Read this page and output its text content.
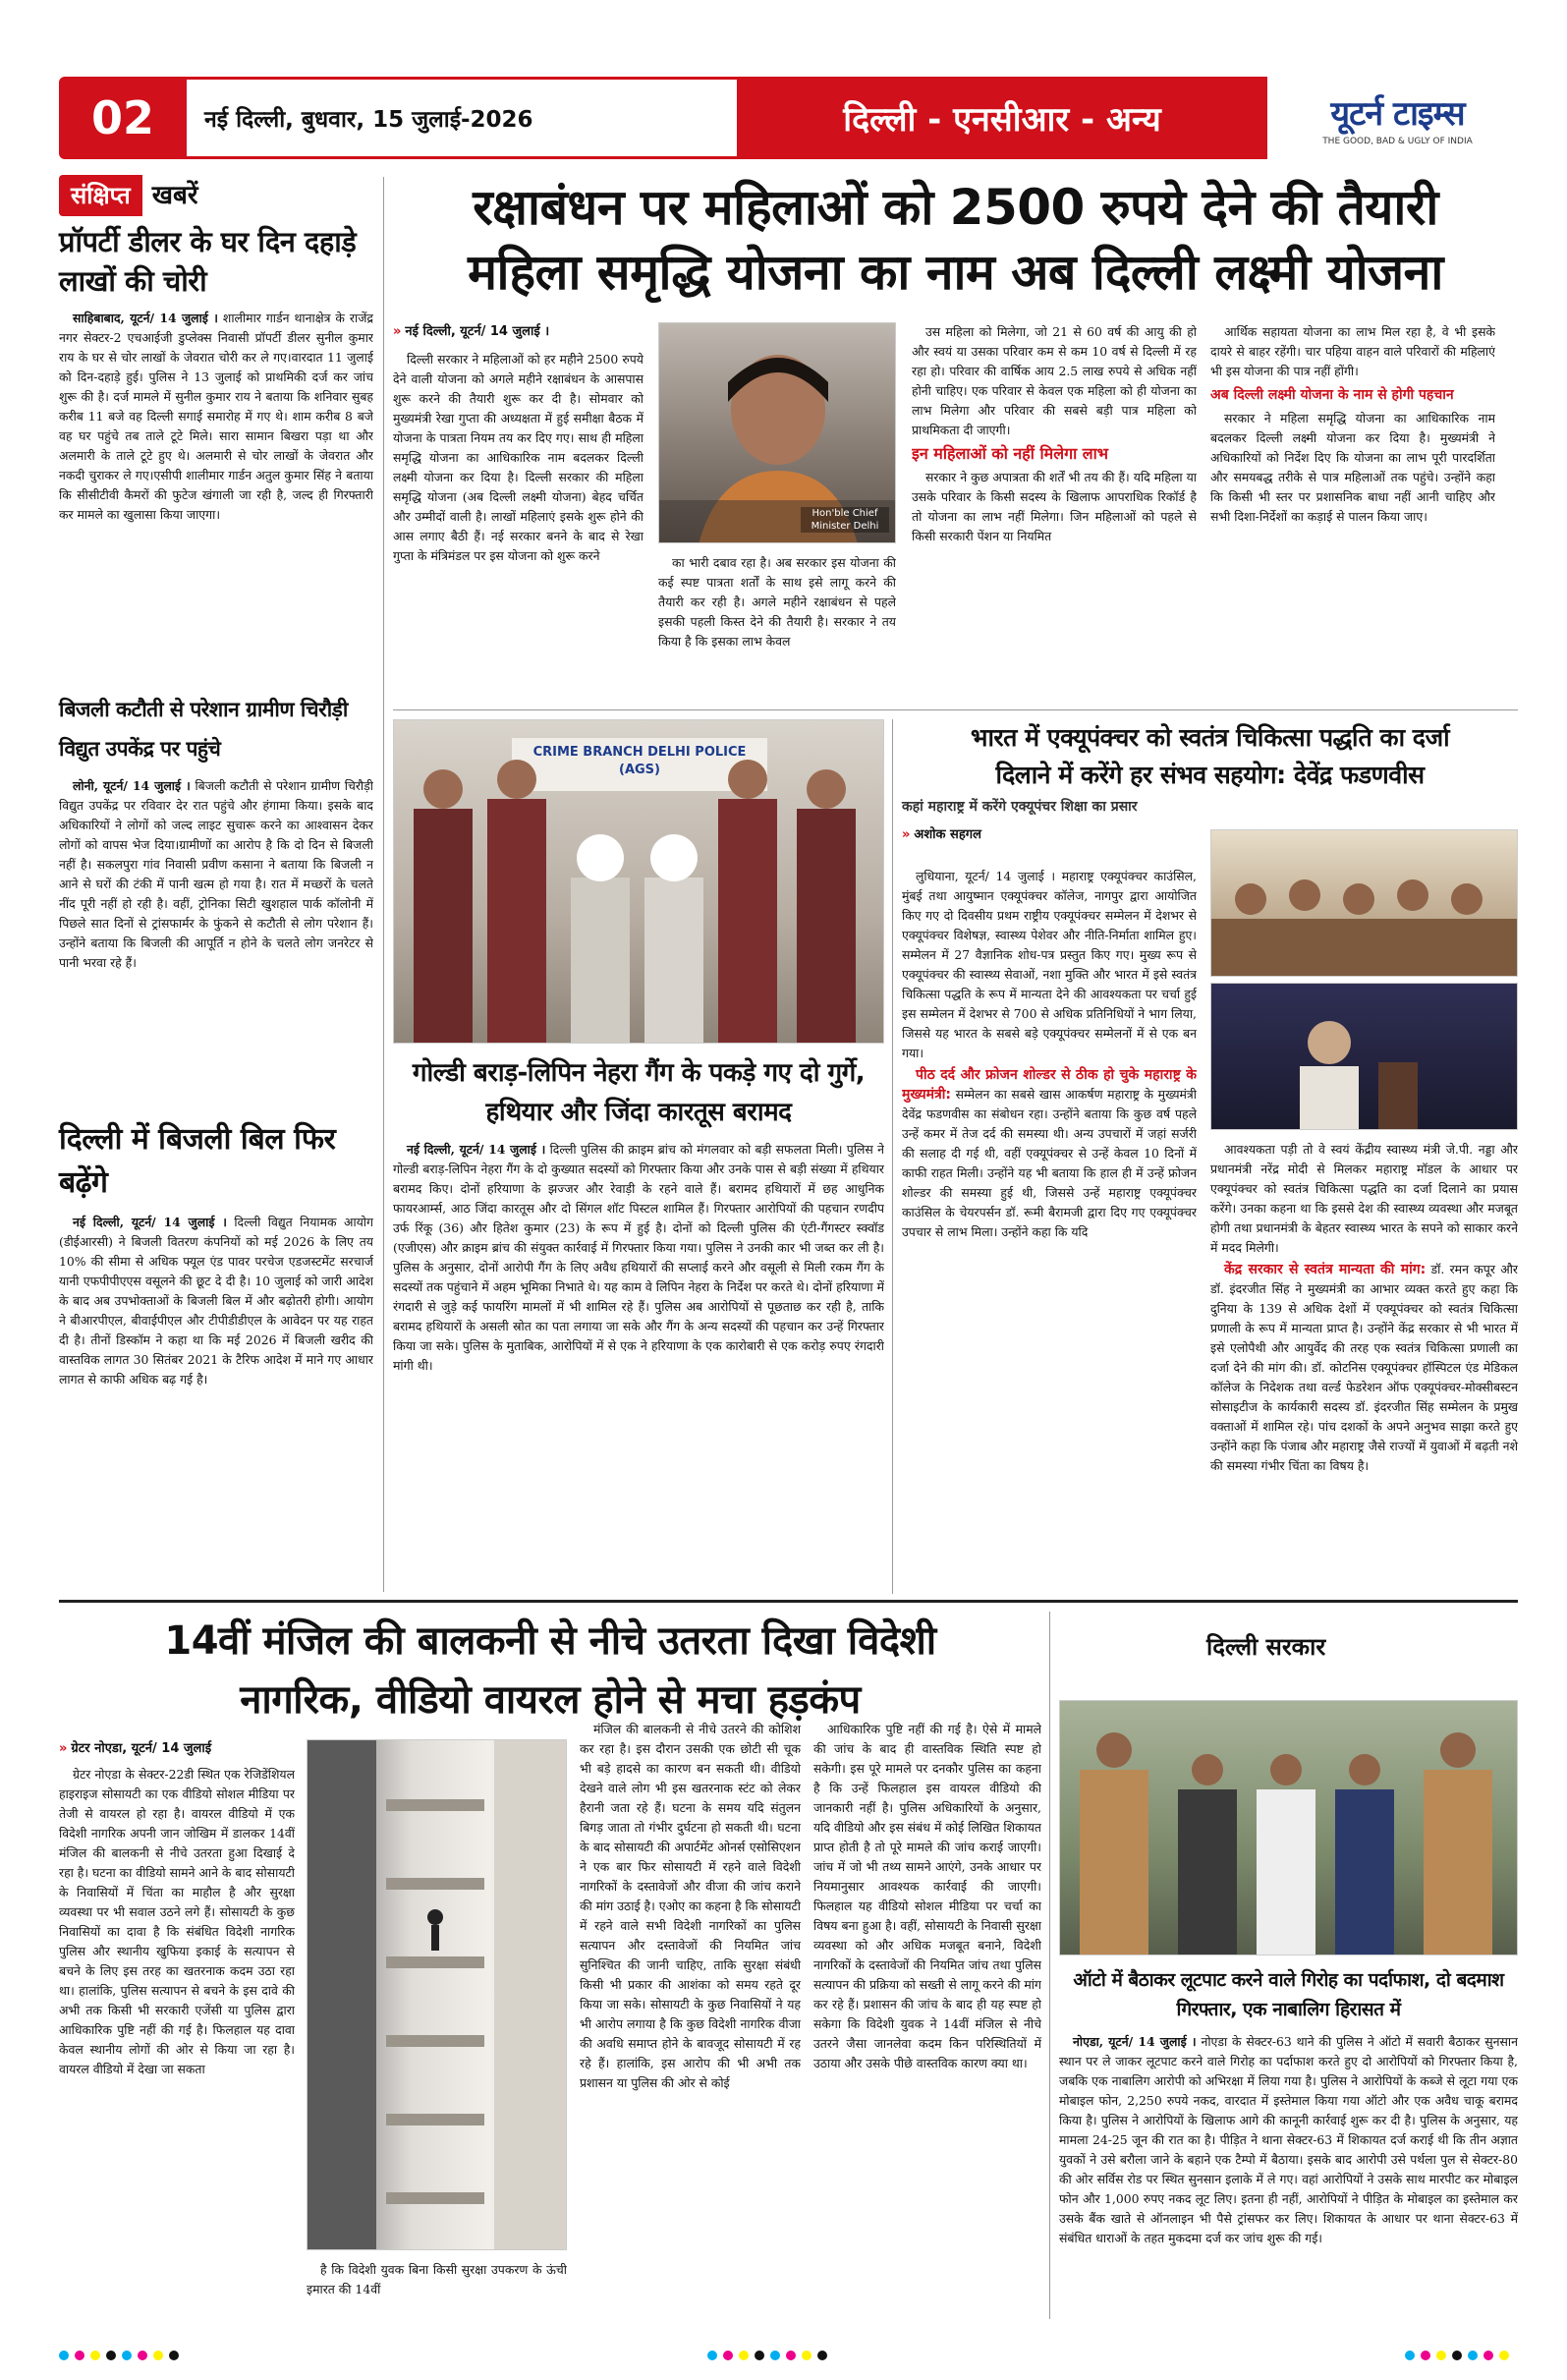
02 नई दिल्ली, बुधवार, 15 जुलाई-2026	दिल्ली - एनसीआर - अन्य	यूटर्न टाइम्स
THE GOOD, BAD & UGLY OF INDIA
संक्षिप्त खबरें
प्रॉपर्टी डीलर के घर दिन दहाड़े लाखों की चोरी

साहिबाबाद, यूटर्न/ 14 जुलाई । शालीमार गार्डन थानाक्षेत्र के राजेंद्र नगर सेक्टर-2 एचआईजी डुप्लेक्स निवासी प्रॉपर्टी डीलर सुनील कुमार राय के घर से चोर लाखों के जेवरात चोरी कर ले गए।वारदात 11 जुलाई को दिन-दहाड़े हुई। पुलिस ने 13 जुलाई को प्राथमिकी दर्ज कर जांच शुरू की है। दर्ज मामले में सुनील कुमार राय ने बताया कि शनिवार सुबह करीब 11 बजे वह दिल्ली सगाई समारोह में गए थे। शाम करीब 8 बजे वह घर पहुंचे तब ताले टूटे मिले। सारा सामान बिखरा पड़ा था और अलमारी के ताले टूटे हुए थे। अलमारी से चोर लाखों के जेवरात और नकदी चुराकर ले गए।एसीपी शालीमार गार्डन अतुल कुमार सिंह ने बताया कि सीसीटीवी कैमरों की फुटेज खंगाली जा रही है, जल्द ही गिरफ्तारी कर मामले का खुलासा किया जाएगा।

बिजली कटौती से परेशान ग्रामीण चिरौड़ी विद्युत उपकेंद्र पर पहुंचे

लोनी, यूटर्न/ 14 जुलाई । बिजली कटौती से परेशान ग्रामीण चिरौड़ी विद्युत उपकेंद्र पर रविवार देर रात पहुंचे और हंगामा किया। इसके बाद अधिकारियों ने लोगों को जल्द लाइट सुचारू करने का आश्वासन देकर लोगों को वापस भेज दिया।ग्रामीणों का आरोप है कि दो दिन से बिजली नहीं है। सकलपुरा गांव निवासी प्रवीण कसाना ने बताया कि बिजली न आने से घरों की टंकी में पानी खत्म हो गया है। रात में मच्छरों के चलते नींद पूरी नहीं हो रही है। वहीं, ट्रोनिका सिटी खुशहाल पार्क कॉलोनी में पिछले सात दिनों से ट्रांसफार्मर के फुंकने से कटौती से लोग परेशान हैं। उन्होंने बताया कि बिजली की आपूर्ति न होने के चलते लोग जनरेटर से पानी भरवा रहे हैं।

दिल्ली में बिजली बिल फिर बढ़ेंगे

नई दिल्ली, यूटर्न/ 14 जुलाई । दिल्ली विद्युत नियामक आयोग (डीईआरसी) ने बिजली वितरण कंपनियों को मई 2026 के लिए तय 10% की सीमा से अधिक फ्यूल एंड पावर परचेज एडजस्टमेंट सरचार्ज यानी एफपीपीएएस वसूलने की छूट दे दी है। 10 जुलाई को जारी आदेश के बाद अब उपभोक्ताओं के बिजली बिल में और बढ़ोतरी होगी। आयोग ने बीआरपीएल, बीवाईपीएल और टीपीडीडीएल के आवेदन पर यह राहत दी है। तीनों डिस्कॉम ने कहा था कि मई 2026 में बिजली खरीद की वास्तविक लागत 30 सितंबर 2021 के टैरिफ आदेश में माने गए आधार लागत से काफी अधिक बढ़ गई है।

रक्षाबंधन पर महिलाओं को 2500 रुपये देने की तैयारी
महिला समृद्धि योजना का नाम अब दिल्ली लक्ष्मी योजना
» नई दिल्ली, यूटर्न/ 14 जुलाई ।

दिल्ली सरकार ने महिलाओं को हर महीने 2500 रुपये देने वाली योजना को अगले महीने रक्षाबंधन के आसपास शुरू करने की तैयारी शुरू कर दी है। सोमवार को मुख्यमंत्री रेखा गुप्ता की अध्यक्षता में हुई समीक्षा बैठक में योजना के पात्रता नियम तय कर दिए गए। साथ ही महिला समृद्धि योजना का आधिकारिक नाम बदलकर दिल्ली लक्ष्मी योजना कर दिया है। दिल्ली सरकार की महिला समृद्धि योजना (अब दिल्ली लक्ष्मी योजना) बेहद चर्चित और उम्मीदों वाली है। लाखों महिलाएं इसके शुरू होने की आस लगाए बैठी हैं। नई सरकार बनने के बाद से रेखा गुप्ता के मंत्रिमंडल पर इस योजना को शुरू करने

Hon'ble Chief Minister Delhi

का भारी दबाव रहा है। अब सरकार इस योजना की कई स्पष्ट पात्रता शर्तों के साथ इसे लागू करने की तैयारी कर रही है। अगले महीने रक्षाबंधन से पहले इसकी पहली किस्त देने की तैयारी है। सरकार ने तय किया है कि इसका लाभ केवल

उस महिला को मिलेगा, जो 21 से 60 वर्ष की आयु की हो और स्वयं या उसका परिवार कम से कम 10 वर्ष से दिल्ली में रह रहा हो। परिवार की वार्षिक आय 2.5 लाख रुपये से अधिक नहीं होनी चाहिए। एक परिवार से केवल एक महिला को ही योजना का लाभ मिलेगा और परिवार की सबसे बड़ी पात्र महिला को प्राथमिकता दी जाएगी।

इन महिलाओं को नहीं मिलेगा लाभ

सरकार ने कुछ अपात्रता की शर्तें भी तय की हैं। यदि महिला या उसके परिवार के किसी सदस्य के खिलाफ आपराधिक रिकॉर्ड है तो योजना का लाभ नहीं मिलेगा। जिन महिलाओं को पहले से किसी सरकारी पेंशन या नियमित

आर्थिक सहायता योजना का लाभ मिल रहा है, वे भी इसके दायरे से बाहर रहेंगी। चार पहिया वाहन वाले परिवारों की महिलाएं भी इस योजना की पात्र नहीं होंगी।

अब दिल्ली लक्ष्मी योजना के नाम से होगी पहचान

सरकार ने महिला समृद्धि योजना का आधिकारिक नाम बदलकर दिल्ली लक्ष्मी योजना कर दिया है। मुख्यमंत्री ने अधिकारियों को निर्देश दिए कि योजना का लाभ पूरी पारदर्शिता और समयबद्ध तरीके से पात्र महिलाओं तक पहुंचे। उन्होंने कहा कि किसी भी स्तर पर प्रशासनिक बाधा नहीं आनी चाहिए और सभी दिशा-निर्देशों का कड़ाई से पालन किया जाए।

CRIME BRANCH DELHI POLICE (AGS)
गोल्डी बराड़-लिपिन नेहरा गैंग के पकड़े गए दो गुर्गे, हथियार और जिंदा कारतूस बरामद

नई दिल्ली, यूटर्न/ 14 जुलाई । दिल्ली पुलिस की क्राइम ब्रांच को मंगलवार को बड़ी सफलता मिली। पुलिस ने गोल्डी बराड़-लिपिन नेहरा गैंग के दो कुख्यात सदस्यों को गिरफ्तार किया और उनके पास से बड़ी संख्या में हथियार बरामद किए। दोनों हरियाणा के झज्जर और रेवाड़ी के रहने वाले हैं। बरामद हथियारों में छह आधुनिक फायरआर्म्स, आठ जिंदा कारतूस और दो सिंगल शॉट पिस्टल शामिल हैं। गिरफ्तार आरोपियों की पहचान रणदीप उर्फ रिंकू (36) और हितेश कुमार (23) के रूप में हुई है। दोनों को दिल्ली पुलिस की एंटी-गैंगस्टर स्क्वॉड (एजीएस) और क्राइम ब्रांच की संयुक्त कार्रवाई में गिरफ्तार किया गया। पुलिस ने उनकी कार भी जब्त कर ली है। पुलिस के अनुसार, दोनों आरोपी गैंग के लिए अवैध हथियारों की सप्लाई करने और वसूली से मिली रकम गैंग के सदस्यों तक पहुंचाने में अहम भूमिका निभाते थे। यह काम वे लिपिन नेहरा के निर्देश पर करते थे। दोनों हरियाणा में रंगदारी से जुड़े कई फायरिंग मामलों में भी शामिल रहे हैं। पुलिस अब आरोपियों से पूछताछ कर रही है, ताकि बरामद हथियारों के असली स्रोत का पता लगाया जा सके और गैंग के अन्य सदस्यों की पहचान कर उन्हें गिरफ्तार किया जा सके। पुलिस के मुताबिक, आरोपियों में से एक ने हरियाणा के एक कारोबारी से एक करोड़ रुपए रंगदारी मांगी थी।

भारत में एक्यूपंक्चर को स्वतंत्र चिकित्सा पद्धति का दर्जा
दिलाने में करेंगे हर संभव सहयोग: देवेंद्र फडणवीस
कहां महाराष्ट्र में करेंगे एक्यूपंचर शिक्षा का प्रसार
» अशोक सहगल

लुधियाना, यूटर्न/ 14 जुलाई । महाराष्ट्र एक्यूपंक्चर काउंसिल, मुंबई तथा आयुष्मान एक्यूपंक्चर कॉलेज, नागपुर द्वारा आयोजित किए गए दो दिवसीय प्रथम राष्ट्रीय एक्यूपंक्चर सम्मेलन में देशभर से एक्यूपंक्चर विशेषज्ञ, स्वास्थ्य पेशेवर और नीति-निर्माता शामिल हुए। सम्मेलन में 27 वैज्ञानिक शोध-पत्र प्रस्तुत किए गए। मुख्य रूप से एक्यूपंक्चर की स्वास्थ्य सेवाओं, नशा मुक्ति और भारत में इसे स्वतंत्र चिकित्सा पद्धति के रूप में मान्यता देने की आवश्यकता पर चर्चा हुई इस सम्मेलन में देशभर से 700 से अधिक प्रतिनिधियों ने भाग लिया, जिससे यह भारत के सबसे बड़े एक्यूपंक्चर सम्मेलनों में से एक बन गया।

पीठ दर्द और फ्रोजन शोल्डर से ठीक हो चुके महाराष्ट्र के मुख्यमंत्री: सम्मेलन का सबसे खास आकर्षण महाराष्ट्र के मुख्यमंत्री देवेंद्र फडणवीस का संबोधन रहा। उन्होंने बताया कि कुछ वर्ष पहले उन्हें कमर में तेज दर्द की समस्या थी। अन्य उपचारों में जहां सर्जरी की सलाह दी गई थी, वहीं एक्यूपंक्चर से उन्हें केवल 10 दिनों में काफी राहत मिली। उन्होंने यह भी बताया कि हाल ही में उन्हें फ्रोजन शोल्डर की समस्या हुई थी, जिससे उन्हें महाराष्ट्र एक्यूपंक्चर काउंसिल के चेयरपर्सन डॉ. रूमी बैरामजी द्वारा दिए गए एक्यूपंक्चर उपचार से लाभ मिला। उन्होंने कहा कि यदि

आवश्यकता पड़ी तो वे स्वयं केंद्रीय स्वास्थ्य मंत्री जे.पी. नड्डा और प्रधानमंत्री नरेंद्र मोदी से मिलकर महाराष्ट्र मॉडल के आधार पर एक्यूपंक्चर को स्वतंत्र चिकित्सा पद्धति का दर्जा दिलाने का प्रयास करेंगे। उनका कहना था कि इससे देश की स्वास्थ्य व्यवस्था और मजबूत होगी तथा प्रधानमंत्री के बेहतर स्वास्थ्य भारत के सपने को साकार करने में मदद मिलेगी।

केंद्र सरकार से स्वतंत्र मान्यता की मांग: डॉ. रमन कपूर और डॉ. इंदरजीत सिंह ने मुख्यमंत्री का आभार व्यक्त करते हुए कहा कि दुनिया के 139 से अधिक देशों में एक्यूपंक्चर को स्वतंत्र चिकित्सा प्रणाली के रूप में मान्यता प्राप्त है। उन्होंने केंद्र सरकार से भी भारत में इसे एलोपैथी और आयुर्वेद की तरह एक स्वतंत्र चिकित्सा प्रणाली का दर्जा देने की मांग की। डॉ. कोटनिस एक्यूपंक्चर हॉस्पिटल एंड मेडिकल कॉलेज के निदेशक तथा वर्ल्ड फेडरेशन ऑफ एक्यूपंक्चर-मोक्सीबस्टन सोसाइटीज के कार्यकारी सदस्य डॉ. इंदरजीत सिंह सम्मेलन के प्रमुख वक्ताओं में शामिल रहे। पांच दशकों के अपने अनुभव साझा करते हुए उन्होंने कहा कि पंजाब और महाराष्ट्र जैसे राज्यों में युवाओं में बढ़ती नशे की समस्या गंभीर चिंता का विषय है।

14वीं मंजिल की बालकनी से नीचे उतरता दिखा विदेशी
नागरिक, वीडियो वायरल होने से मचा हड़कंप
» ग्रेटर नोएडा, यूटर्न/ 14 जुलाई

ग्रेटर नोएडा के सेक्टर-22डी स्थित एक रेजिडेंशियल हाइराइज सोसायटी का एक वीडियो सोशल मीडिया पर तेजी से वायरल हो रहा है। वायरल वीडियो में एक विदेशी नागरिक अपनी जान जोखिम में डालकर 14वीं मंजिल की बालकनी से नीचे उतरता हुआ दिखाई दे रहा है। घटना का वीडियो सामने आने के बाद सोसायटी के निवासियों में चिंता का माहौल है और सुरक्षा व्यवस्था पर भी सवाल उठने लगे हैं। सोसायटी के कुछ निवासियों का दावा है कि संबंधित विदेशी नागरिक पुलिस और स्थानीय खुफिया इकाई के सत्यापन से बचने के लिए इस तरह का खतरनाक कदम उठा रहा था। हालांकि, पुलिस सत्यापन से बचने के इस दावे की अभी तक किसी भी सरकारी एजेंसी या पुलिस द्वारा आधिकारिक पुष्टि नहीं की गई है। फिलहाल यह दावा केवल स्थानीय लोगों की ओर से किया जा रहा है। वायरल वीडियो में देखा जा सकता

है कि विदेशी युवक बिना किसी सुरक्षा उपकरण के ऊंची इमारत की 14वीं

मंजिल की बालकनी से नीचे उतरने की कोशिश कर रहा है। इस दौरान उसकी एक छोटी सी चूक भी बड़े हादसे का कारण बन सकती थी। वीडियो देखने वाले लोग भी इस खतरनाक स्टंट को लेकर हैरानी जता रहे हैं। घटना के समय यदि संतुलन बिगड़ जाता तो गंभीर दुर्घटना हो सकती थी। घटना के बाद सोसायटी की अपार्टमेंट ओनर्स एसोसिएशन ने एक बार फिर सोसायटी में रहने वाले विदेशी नागरिकों के दस्तावेजों और वीजा की जांच कराने की मांग उठाई है। एओए का कहना है कि सोसायटी में रहने वाले सभी विदेशी नागरिकों का पुलिस सत्यापन और दस्तावेजों की नियमित जांच सुनिश्चित की जानी चाहिए, ताकि सुरक्षा संबंधी किसी भी प्रकार की आशंका को समय रहते दूर किया जा सके। सोसायटी के कुछ निवासियों ने यह भी आरोप लगाया है कि कुछ विदेशी नागरिक वीजा की अवधि समाप्त होने के बावजूद सोसायटी में रह रहे हैं। हालांकि, इस आरोप की भी अभी तक प्रशासन या पुलिस की ओर से कोई

आधिकारिक पुष्टि नहीं की गई है। ऐसे में मामले की जांच के बाद ही वास्तविक स्थिति स्पष्ट हो सकेगी। इस पूरे मामले पर दनकौर पुलिस का कहना है कि उन्हें फिलहाल इस वायरल वीडियो की जानकारी नहीं है। पुलिस अधिकारियों के अनुसार, यदि वीडियो और इस संबंध में कोई लिखित शिकायत प्राप्त होती है तो पूरे मामले की जांच कराई जाएगी। जांच में जो भी तथ्य सामने आएंगे, उनके आधार पर नियमानुसार आवश्यक कार्रवाई की जाएगी। फिलहाल यह वीडियो सोशल मीडिया पर चर्चा का विषय बना हुआ है। वहीं, सोसायटी के निवासी सुरक्षा व्यवस्था को और अधिक मजबूत बनाने, विदेशी नागरिकों के दस्तावेजों की नियमित जांच तथा पुलिस सत्यापन की प्रक्रिया को सख्ती से लागू करने की मांग कर रहे हैं। प्रशासन की जांच के बाद ही यह स्पष्ट हो सकेगा कि विदेशी युवक ने 14वीं मंजिल से नीचे उतरने जैसा जानलेवा कदम किन परिस्थितियों में उठाया और उसके पीछे वास्तविक कारण क्या था।

दिल्ली सरकार
ऑटो में बैठाकर लूटपाट करने वाले गिरोह का पर्दाफाश, दो बदमाश गिरफ्तार, एक नाबालिग हिरासत में

नोएडा, यूटर्न/ 14 जुलाई । नोएडा के सेक्टर-63 थाने की पुलिस ने ऑटो में सवारी बैठाकर सुनसान स्थान पर ले जाकर लूटपाट करने वाले गिरोह का पर्दाफाश करते हुए दो आरोपियों को गिरफ्तार किया है, जबकि एक नाबालिग आरोपी को अभिरक्षा में लिया गया है। पुलिस ने आरोपियों के कब्जे से लूटा गया एक मोबाइल फोन, 2,250 रुपये नकद, वारदात में इस्तेमाल किया गया ऑटो और एक अवैध चाकू बरामद किया है। पुलिस ने आरोपियों के खिलाफ आगे की कानूनी कार्रवाई शुरू कर दी है। पुलिस के अनुसार, यह मामला 24-25 जून की रात का है। पीड़ित ने थाना सेक्टर-63 में शिकायत दर्ज कराई थी कि तीन अज्ञात युवकों ने उसे बरौला जाने के बहाने एक टैम्पो में बैठाया। इसके बाद आरोपी उसे पर्थला पुल से सेक्टर-80 की ओर सर्विस रोड पर स्थित सुनसान इलाके में ले गए। वहां आरोपियों ने उसके साथ मारपीट कर मोबाइल फोन और 1,000 रुपए नकद लूट लिए। इतना ही नहीं, आरोपियों ने पीड़ित के मोबाइल का इस्तेमाल कर उसके बैंक खाते से ऑनलाइन भी पैसे ट्रांसफर कर लिए। शिकायत के आधार पर थाना सेक्टर-63 में संबंधित धाराओं के तहत मुकदमा दर्ज कर जांच शुरू की गई।
